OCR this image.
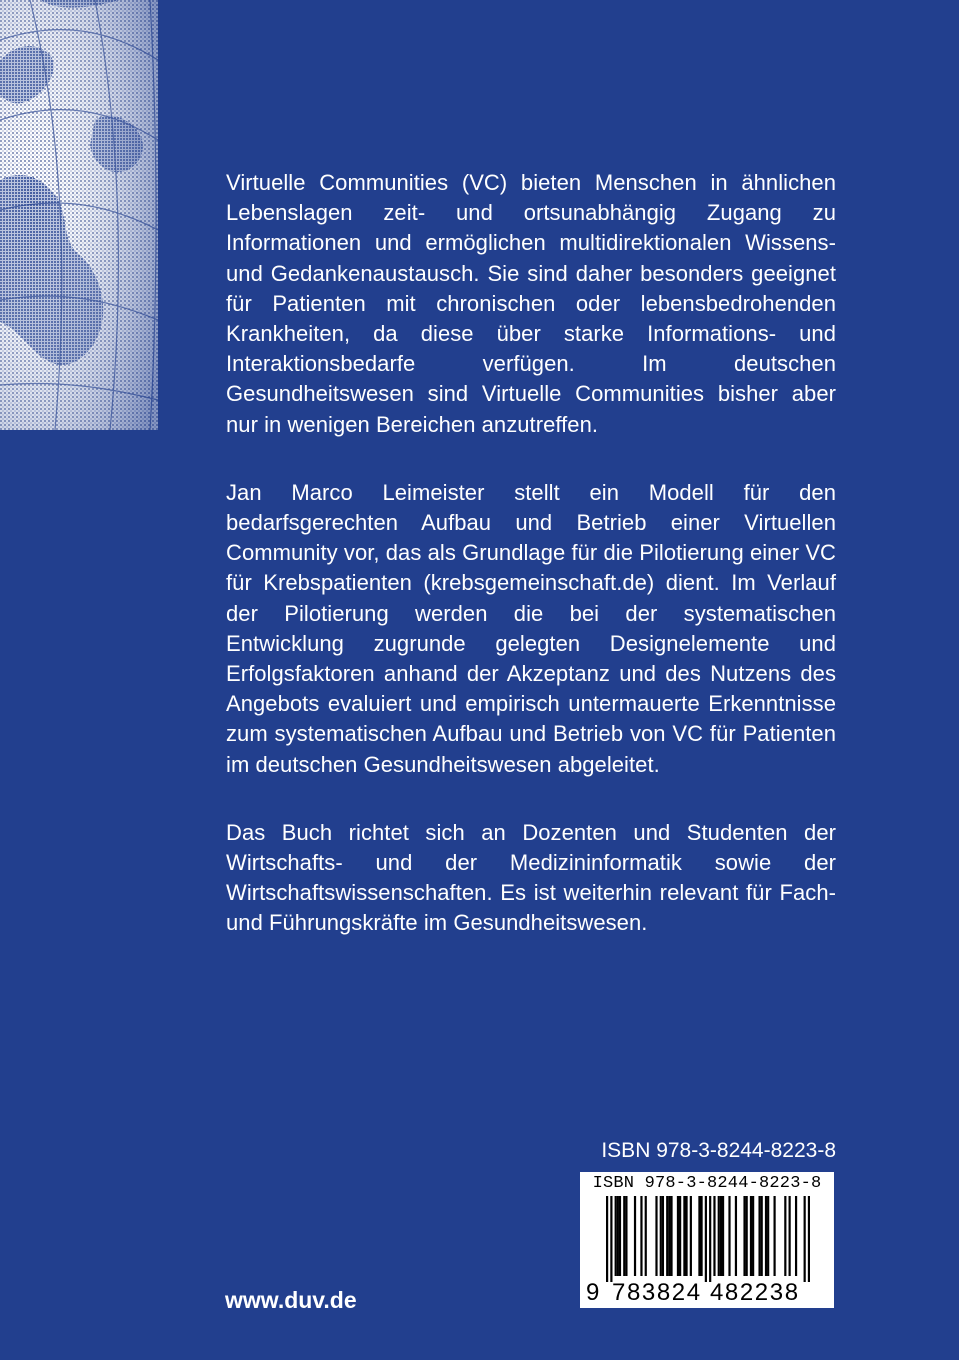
Virtuelle Communities (VC) bieten Menschen in ähnlichen Lebenslagen zeit- und ortsunabhängig Zugang zu Informationen und ermöglichen multidirektionalen Wissens- und Gedankenaustausch. Sie sind daher besonders geeignet für Patienten mit chronischen oder lebensbedrohenden Krankheiten, da diese über starke Informations- und Interaktionsbedarfe verfügen. Im deutschen Gesundheitswesen sind Virtuelle Communities bisher aber nur in wenigen Bereichen anzutreffen.

Jan Marco Leimeister stellt ein Modell für den bedarfsgerechten Aufbau und Betrieb einer Virtuellen Community vor, das als Grundlage für die Pilotierung einer VC für Krebspatienten (krebsgemeinschaft.de) dient. Im Verlauf der Pilotierung werden die bei der systematischen Entwicklung zugrunde gelegten Designelemente und Erfolgsfaktoren anhand der Akzeptanz und des Nutzens des Angebots evaluiert und empirisch untermauerte Erkenntnisse zum systematischen Aufbau und Betrieb von VC für Patienten im deutschen Gesundheitswesen abgeleitet.

Das Buch richtet sich an Dozenten und Studenten der Wirtschafts- und der Medizininformatik sowie der Wirtschaftswissenschaften. Es ist weiterhin relevant für Fach- und Führungskräfte im Gesundheitswesen.

ISBN 978-3-8244-8223-8
ISBN 978-3-8244-8223-8
9 783824 482238
www.duv.de
